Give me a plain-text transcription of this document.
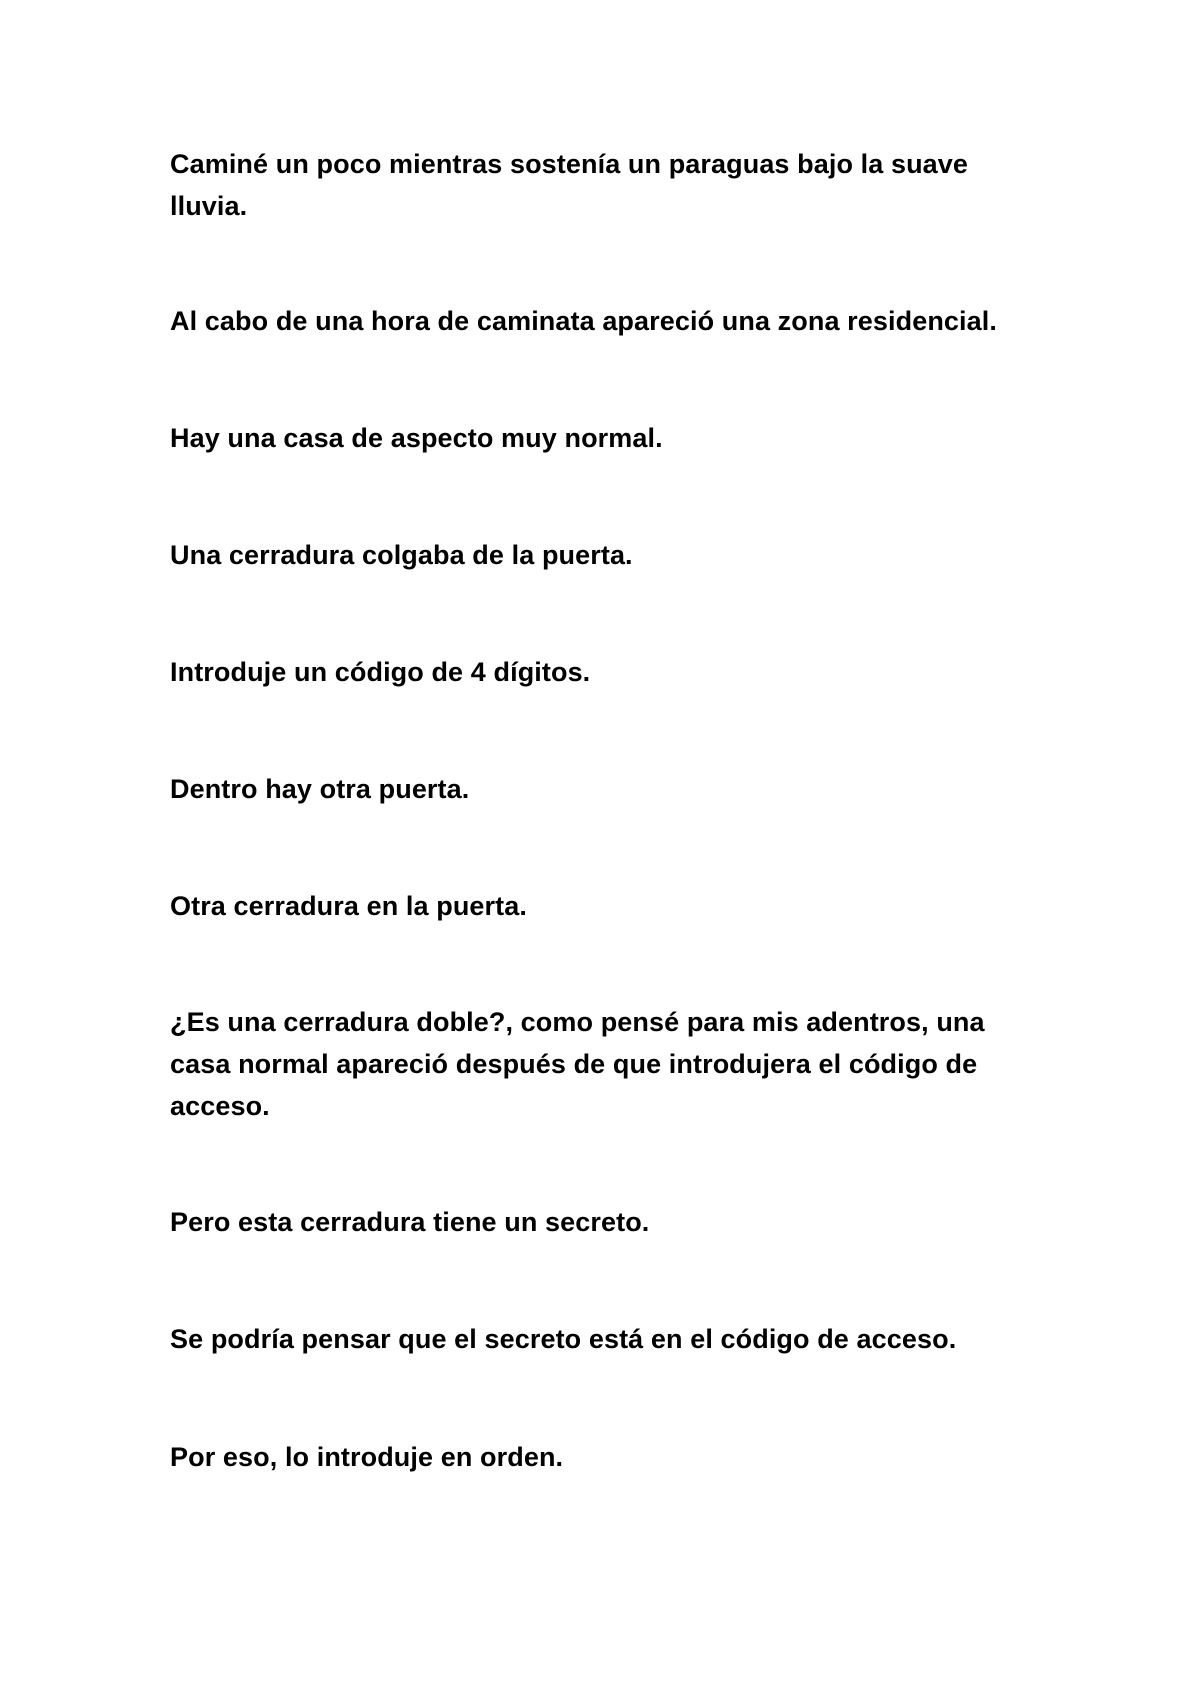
Caminé un poco mientras sostenía un paraguas bajo la suave lluvia.

Al cabo de una hora de caminata apareció una zona residencial.

Hay una casa de aspecto muy normal.

Una cerradura colgaba de la puerta.

Introduje un código de 4 dígitos.

Dentro hay otra puerta.

Otra cerradura en la puerta.

¿Es una cerradura doble?, como pensé para mis adentros, una casa normal apareció después de que introdujera el código de acceso.

Pero esta cerradura tiene un secreto.

Se podría pensar que el secreto está en el código de acceso.

Por eso, lo introduje en orden.
